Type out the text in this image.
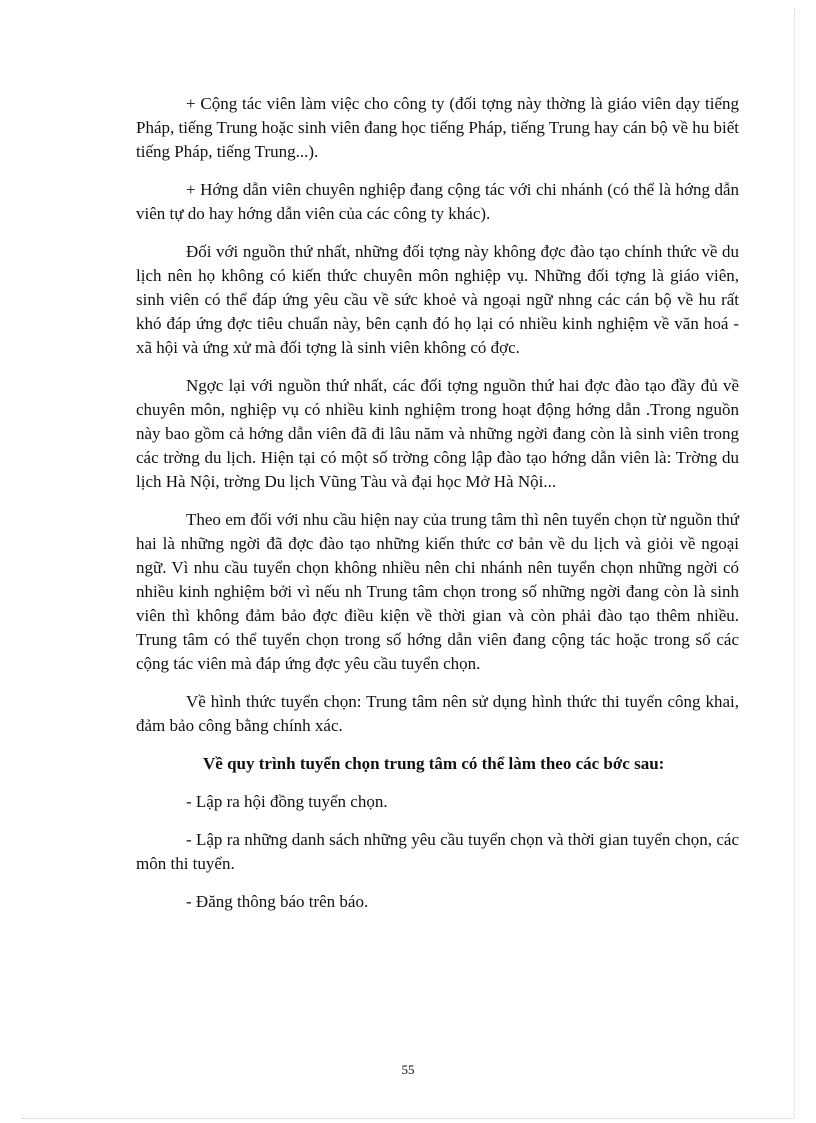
+ Cộng tác viên làm việc cho công ty (đối tợng này thờng là giáo viên dạy tiếng Pháp, tiếng Trung hoặc sinh viên đang học tiếng Pháp, tiếng Trung hay cán bộ về hu biết tiếng Pháp, tiếng Trung...).

+ Hớng dẫn viên chuyên nghiệp đang cộng tác với chi nhánh (có thể là hớng dẫn viên tự do hay hớng dẫn viên của các công ty khác).

Đối với nguồn thứ nhất, những đối tợng này không đợc đào tạo chính thức về du lịch nên họ không có kiến thức chuyên môn nghiệp vụ. Những đối tợng là giáo viên, sinh viên có thể đáp ứng yêu cầu về sức khoẻ và ngoại ngữ nhng các cán bộ về hu rất khó đáp ứng đợc tiêu chuẩn này, bên cạnh đó họ lại có nhiều kinh nghiệm về văn hoá - xã hội và ứng xử mà đối tợng là sinh viên không có đợc.

Ngợc lại với nguồn thứ nhất, các đối tợng nguồn thứ hai đợc đào tạo đầy đủ về chuyên môn, nghiệp vụ có nhiều kinh nghiệm trong hoạt động hớng dẫn .Trong nguồn này bao gồm cả hớng dẫn viên đã đi lâu năm và những ngời đang còn là sinh viên trong các trờng du lịch. Hiện tại có một số trờng công lập đào tạo hớng dẫn viên là: Trờng du lịch Hà Nội, trờng Du lịch Vũng Tàu và đại học Mở Hà Nội...

Theo em đối với nhu cầu hiện nay của trung tâm thì nên tuyển chọn từ nguồn thứ hai là những ngời đã đợc đào tạo những kiến thức cơ bản về du lịch và giỏi về ngoại ngữ. Vì nhu cầu tuyển chọn không nhiều nên chi nhánh nên tuyển chọn những ngời có nhiều kinh nghiệm bởi vì nếu nh Trung tâm chọn trong số những ngời đang còn là sinh viên thì không đảm bảo đợc điều kiện về thời gian và còn phải đào tạo thêm nhiều. Trung tâm có thể tuyển chọn trong số hớng dẫn viên đang cộng tác hoặc trong số các cộng tác viên mà đáp ứng đợc yêu cầu tuyển chọn.

Về hình thức tuyển chọn: Trung tâm nên sử dụng hình thức thi tuyển công khai, đảm bảo công bằng chính xác.

Về quy trình tuyển chọn trung tâm có thể làm theo các bớc sau:

- Lập ra hội đồng tuyển chọn.

- Lập ra những danh sách những yêu cầu tuyển chọn và thời gian tuyển chọn, các môn thi tuyển.

- Đăng thông báo trên báo.

55
